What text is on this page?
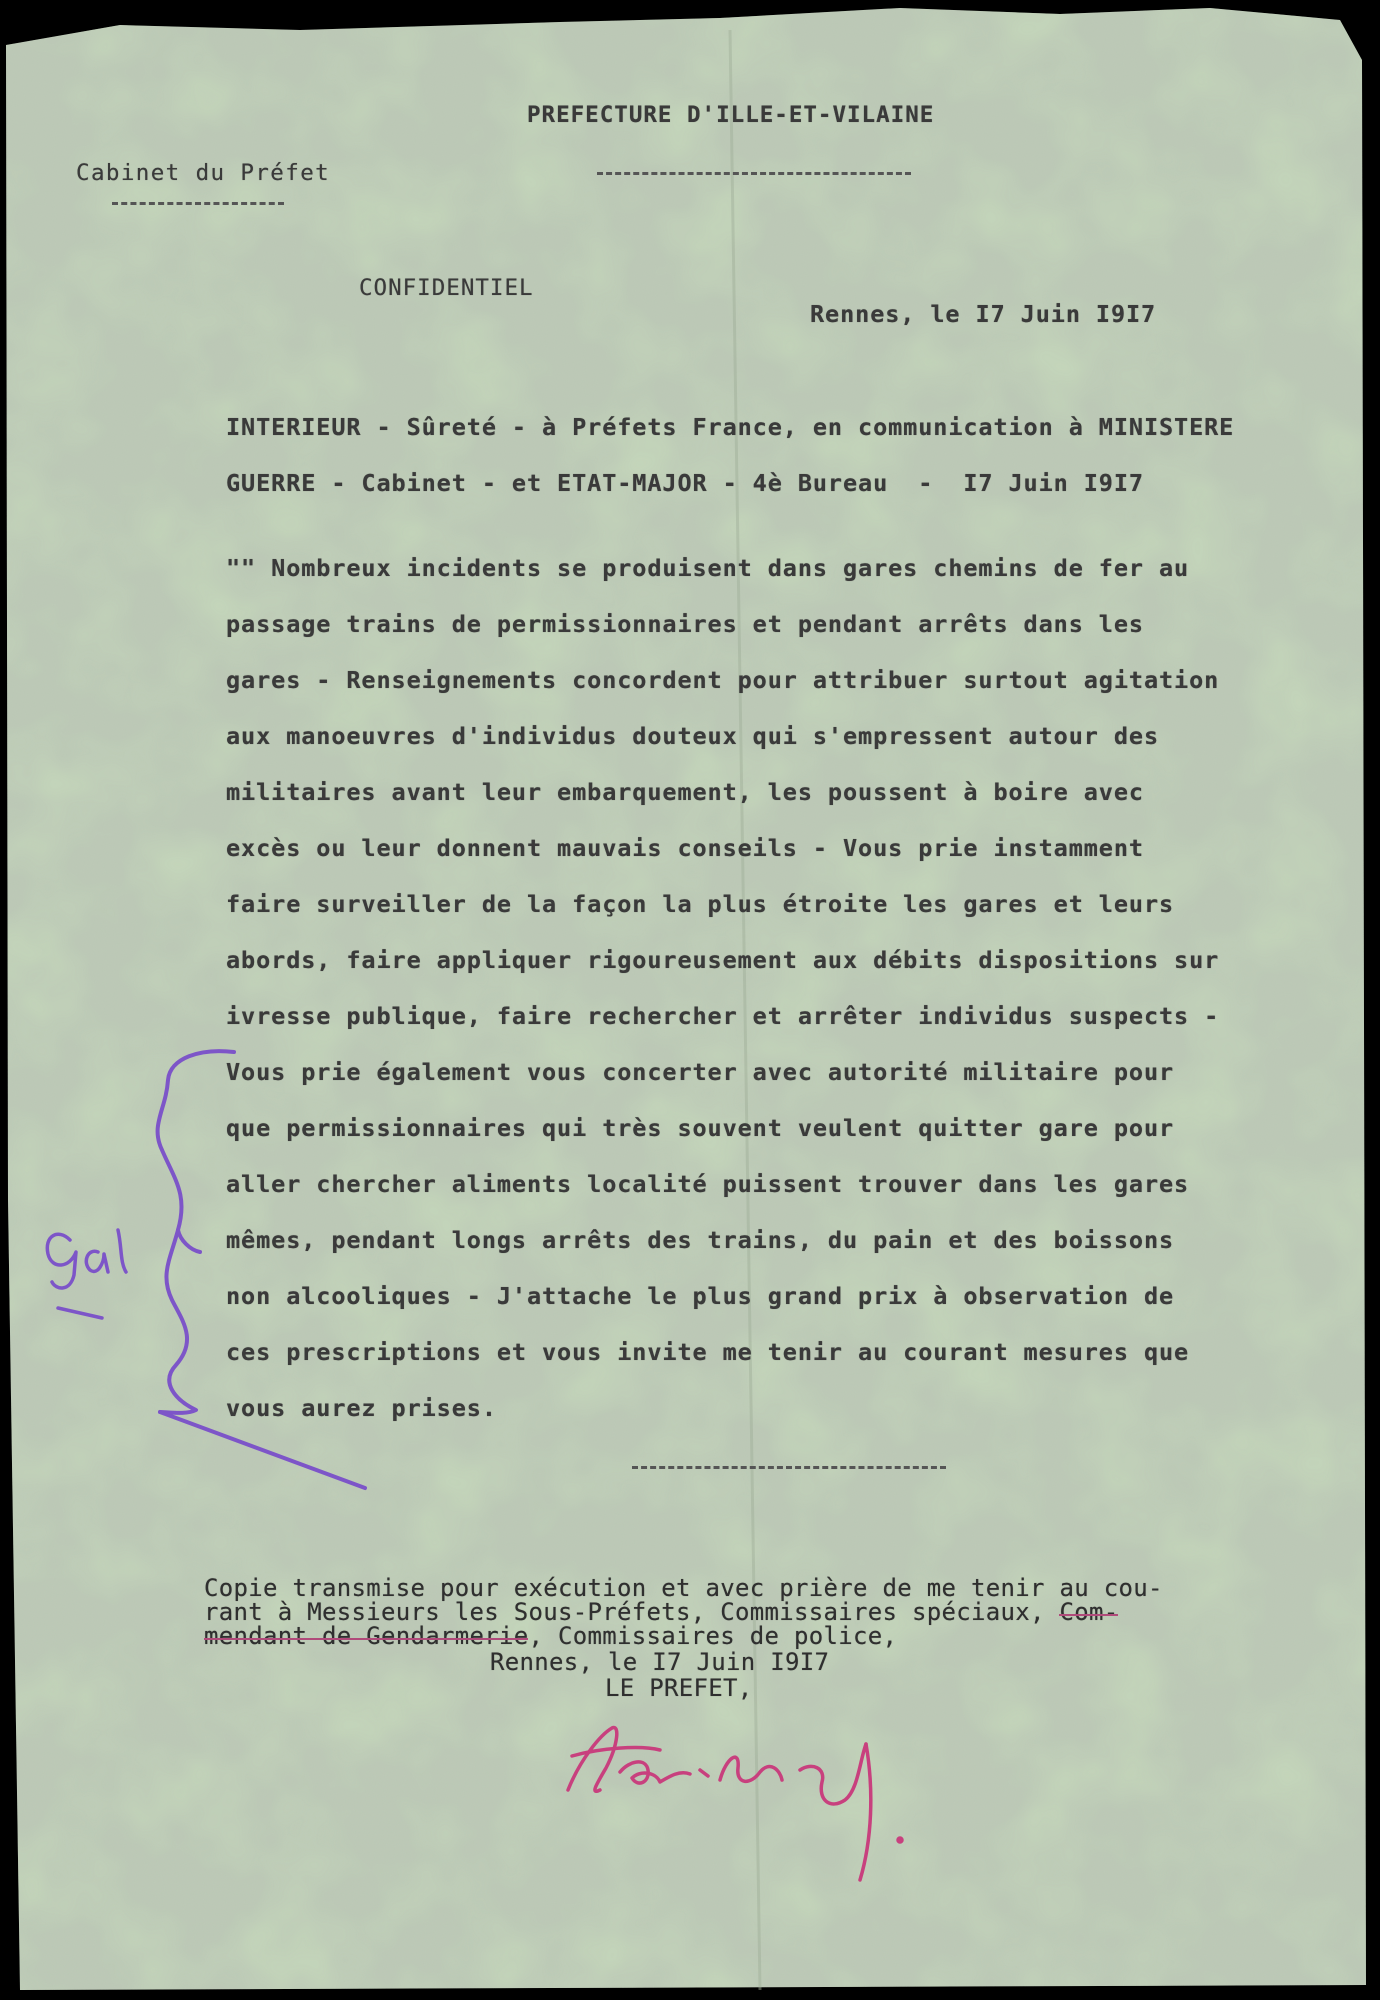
PREFECTURE D'ILLE-ET-VILAINE
Cabinet du Préfet
CONFIDENTIEL
Rennes, le I7 Juin I9I7
INTERIEUR - Sûreté - à Préfets France, en communication à MINISTERE
GUERRE - Cabinet - et ETAT-MAJOR - 4è Bureau  -  I7 Juin I9I7
"" Nombreux incidents se produisent dans gares chemins de fer au
passage trains de permissionnaires et pendant arrêts dans les
gares - Renseignements concordent pour attribuer surtout agitation
aux manoeuvres d'individus douteux qui s'empressent autour des
militaires avant leur embarquement, les poussent à boire avec
excès ou leur donnent mauvais conseils - Vous prie instamment
faire surveiller de la façon la plus étroite les gares et leurs
abords, faire appliquer rigoureusement aux débits dispositions sur
ivresse publique, faire rechercher et arrêter individus suspects -
Vous prie également vous concerter avec autorité militaire pour
que permissionnaires qui très souvent veulent quitter gare pour
aller chercher aliments localité puissent trouver dans les gares
mêmes, pendant longs arrêts des trains, du pain et des boissons
non alcooliques - J'attache le plus grand prix à observation de
ces prescriptions et vous invite me tenir au courant mesures que
vous aurez prises.
Copie transmise pour exécution et avec prière de me tenir au cou-
rant à Messieurs les Sous-Préfets, Commissaires spéciaux, Com-
mendant de Gendarmerie, Commissaires de police,
Rennes, le I7 Juin I9I7
LE PREFET,
